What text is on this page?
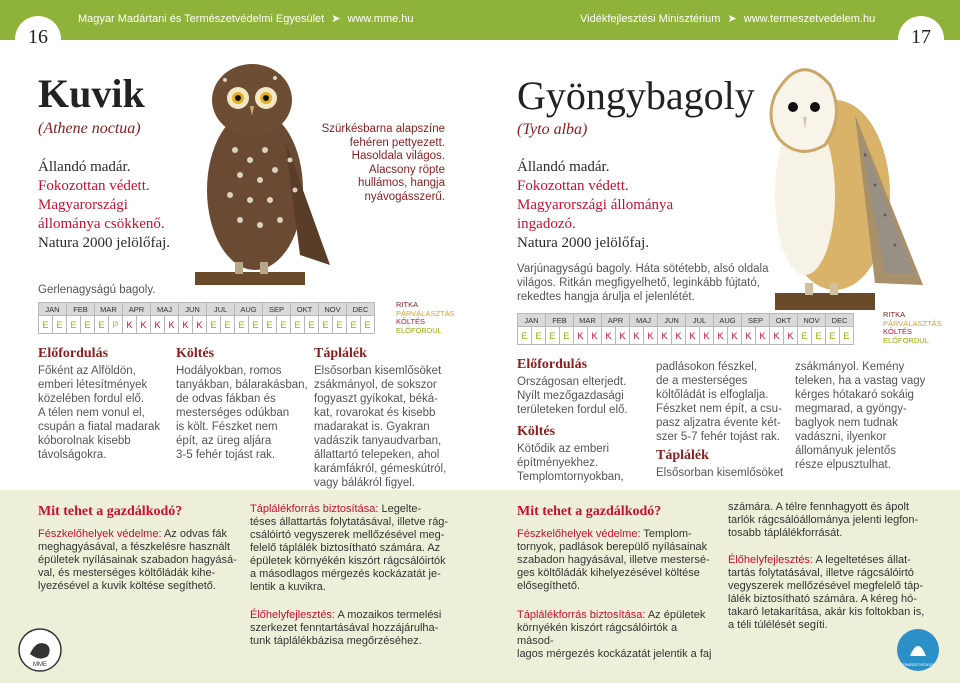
Magyar Madártani és Természetvédelmi Egyesület ➤ www.mme.hu	Vidékfejlesztési Minisztérium ➤ www.termeszetvedelem.hu
16	17
Kuvik
(Athene noctua)
Állandó madár.
Fokozottan védett.
Magyarországi
állománya csökkenő.
Natura 2000 jelölőfaj.
Szürkésbarna alapszíne
fehéren pettyezett.
Hasoldala világos.
Alacsony röpte
hullámos, hangja
nyávogásszerű.
Gerlenagyságú bagoly.
JAN		FEB		MAR		APR		MAJ		JUN		JUL		AUG		SEP		OKT		NOV		DEC	
E	E	E	E	E	P	K	K	K	K	K	K	E	E	E	E	E	E	E	E	E	E	E	E
RITKA
PÁRVÁLASZTÁS
KÖLTÉS
ELŐFORDUL
Előfordulás
Főként az Alföldön,
emberi létesítmények
közelében fordul elő.
A télen nem vonul el,
csupán a fiatal madarak
kóborolnak kisebb
távolságokra.
Költés
Hodályokban, romos
tanyákban, bálarakásban,
de odvas fákban és
mesterséges odúkban
is költ. Fészket nem
épít, az üreg aljára
3-5 fehér tojást rak.
Táplálék
Elsősorban kisemlősöket
zsákmányol, de sokszor
fogyaszt gyíkokat, béká-
kat, rovarokat és kisebb
madarakat is. Gyakran
vadászik tanyaudvarban,
állattartó telepeken, ahol
karámfákról, gémeskútról,
vagy bálákról figyel.
Gyöngybagoly
(Tyto alba)
Állandó madár.
Fokozottan védett.
Magyarországi állománya
ingadozó.
Natura 2000 jelölőfaj.
Varjúnagyságú bagoly. Háta sötétebb, alsó oldala
világos. Ritkán megfigyelhető, leginkább fújtató,
rekedtes hangja árulja el jelenlétét.
JAN		FEB		MAR		APR		MAJ		JUN		JUL		AUG		SEP		OKT		NOV		DEC	
E	E	E	E	K	K	K	K	K	K	K	K	K	K	K	K	K	K	K	K	E	E	E	E
RITKA
PÁRVÁLASZTÁS
KÖLTÉS
ELŐFORDUL
Előfordulás
Országosan elterjedt.
Nyílt mezőgazdasági
területeken fordul elő.
Költés
Kötődik az emberi
építményekhez.
Templomtornyokban,
padlásokon fészkel,
de a mesterséges
költőládát is elfoglalja.
Fészket nem épít, a csu-
pasz aljzatra évente két-
szer 5-7 fehér tojást rak.
Táplálék
Elsősorban kisemlősöket
zsákmányol. Kemény
teleken, ha a vastag vagy
kérges hótakaró sokáig
megmarad, a gyöngy-
baglyok nem tudnak
vadászni, ilyenkor
állományuk jelentős
része elpusztulhat.
Mit tehet a gazdálkodó?
Fészkelőhelyek védelme: Az odvas fák
meghagyásával, a fészkelésre használt
épületek nyílásainak szabadon hagyásá-
val, és mesterséges költőládák kihe-
lyezésével a kuvik költése segíthető.
Táplálékforrás biztosítása: Legelte-
téses állattartás folytatásával, illetve rág-
csálóirtó vegyszerek mellőzésével meg-
felelő táplálék biztosítható számára. Az
épületek környékén kiszórt rágcsálóirtók
a másodlagos mérgezés kockázatát je-
lentik a kuvikra.
Élőhelyfejlesztés: A mozaikos termelési
szerkezet fenntartásával hozzájárulha-
tunk táplálékbázisa megőrzéséhez.
Mit tehet a gazdálkodó?
Fészkelőhelyek védelme: Templom-
tornyok, padlások berepülő nyílásainak
szabadon hagyásával, illetve mestersé-
ges költőládák kihelyezésével költése
elősegíthető.
Táplálékforrás biztosítása: Az épületek
környékén kiszórt rágcsálóirtók a másod-
lagos mérgezés kockázatát jelentik a faj
számára. A télre fennhagyott és ápolt
tarlók rágcsálóállománya jelenti legfon-
tosabb táplálékforrását.
Élőhelyfejlesztés: A legeltetéses állat-
tartás folytatásával, illetve rágcsálóirtó
vegyszerek mellőzésével megfelelő táp-
lálék biztosítható számára. A kéreg hó-
takaró letakarítása, akár kis foltokban is,
a téli túlélését segíti.
MME	TERMÉSZETVÉDELEM
